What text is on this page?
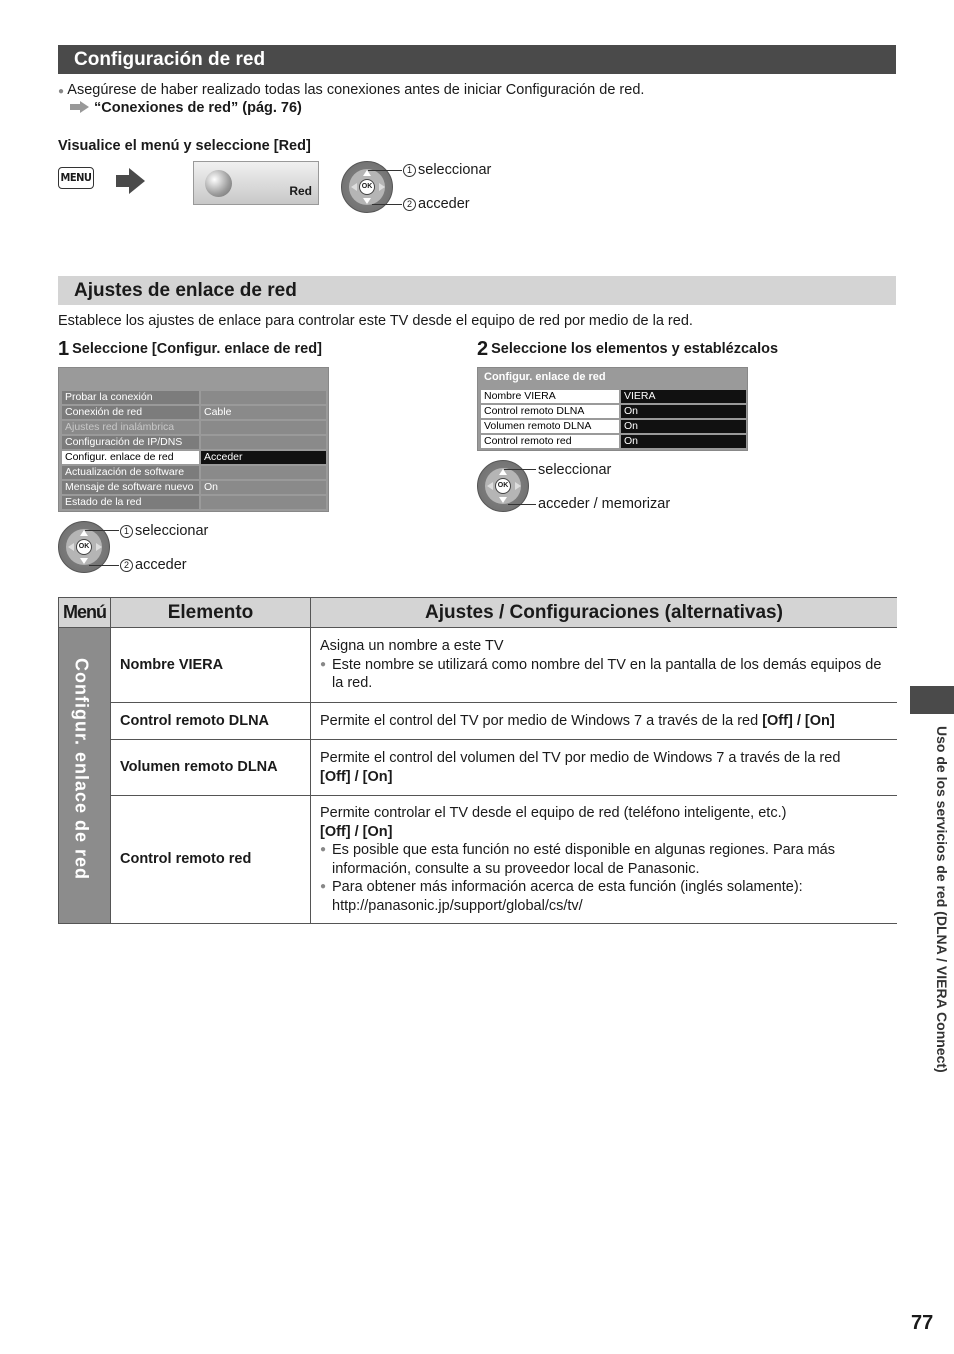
Configuración de red
● Asegúrese de haber realizado todas las conexiones antes de iniciar Configuración de red.
“Conexiones de red” (pág. 76)
Visualice el menú y seleccione [Red]
MENU
Red	OK
1 seleccionar
2 acceder
Ajustes de enlace de red
Establece los ajustes de enlace para controlar este TV desde el equipo de red por medio de la red.
1 Seleccione [Configur. enlace de red]	2 Seleccione los elementos y establézcalos
Probar la conexión
Conexión de red	Cable
Ajustes red inalámbrica
Configuración de IP/DNS
Configur. enlace de red	Acceder
Actualización de software
Mensaje de software nuevo	On
Estado de la red
OK
1 seleccionar
2 acceder
Configur. enlace de red
Nombre VIERA	VIERA
Control remoto DLNA	On
Volumen remoto DLNA	On
Control remoto red	On
OK
seleccionar
acceder / memorizar
Menú	Elemento	Ajustes / Configuraciones (alternativas)

Configur. enlace de red	Nombre VIERA	Asigna un nombre a este TV
● Este nombre se utilizará como nombre del TV en la pantalla de los demás equipos de la red.

	Control remoto DLNA	Permite el control del TV por medio de Windows 7 a través de la red [Off] / [On]
	Volumen remoto DLNA	Permite el control del volumen del TV por medio de Windows 7 a través de la red
[Off] / [On]

	Control remoto red	Permite controlar el TV desde el equipo de red (teléfono inteligente, etc.)
[Off] / [On]
● Es posible que esta función no esté disponible en algunas regiones. Para más información, consulte a su proveedor local de Panasonic.
● Para obtener más información acerca de esta función (inglés solamente): http://panasonic.jp/support/global/cs/tv/	Uso de los servicios de red (DLNA / VIERA Connect)
77
